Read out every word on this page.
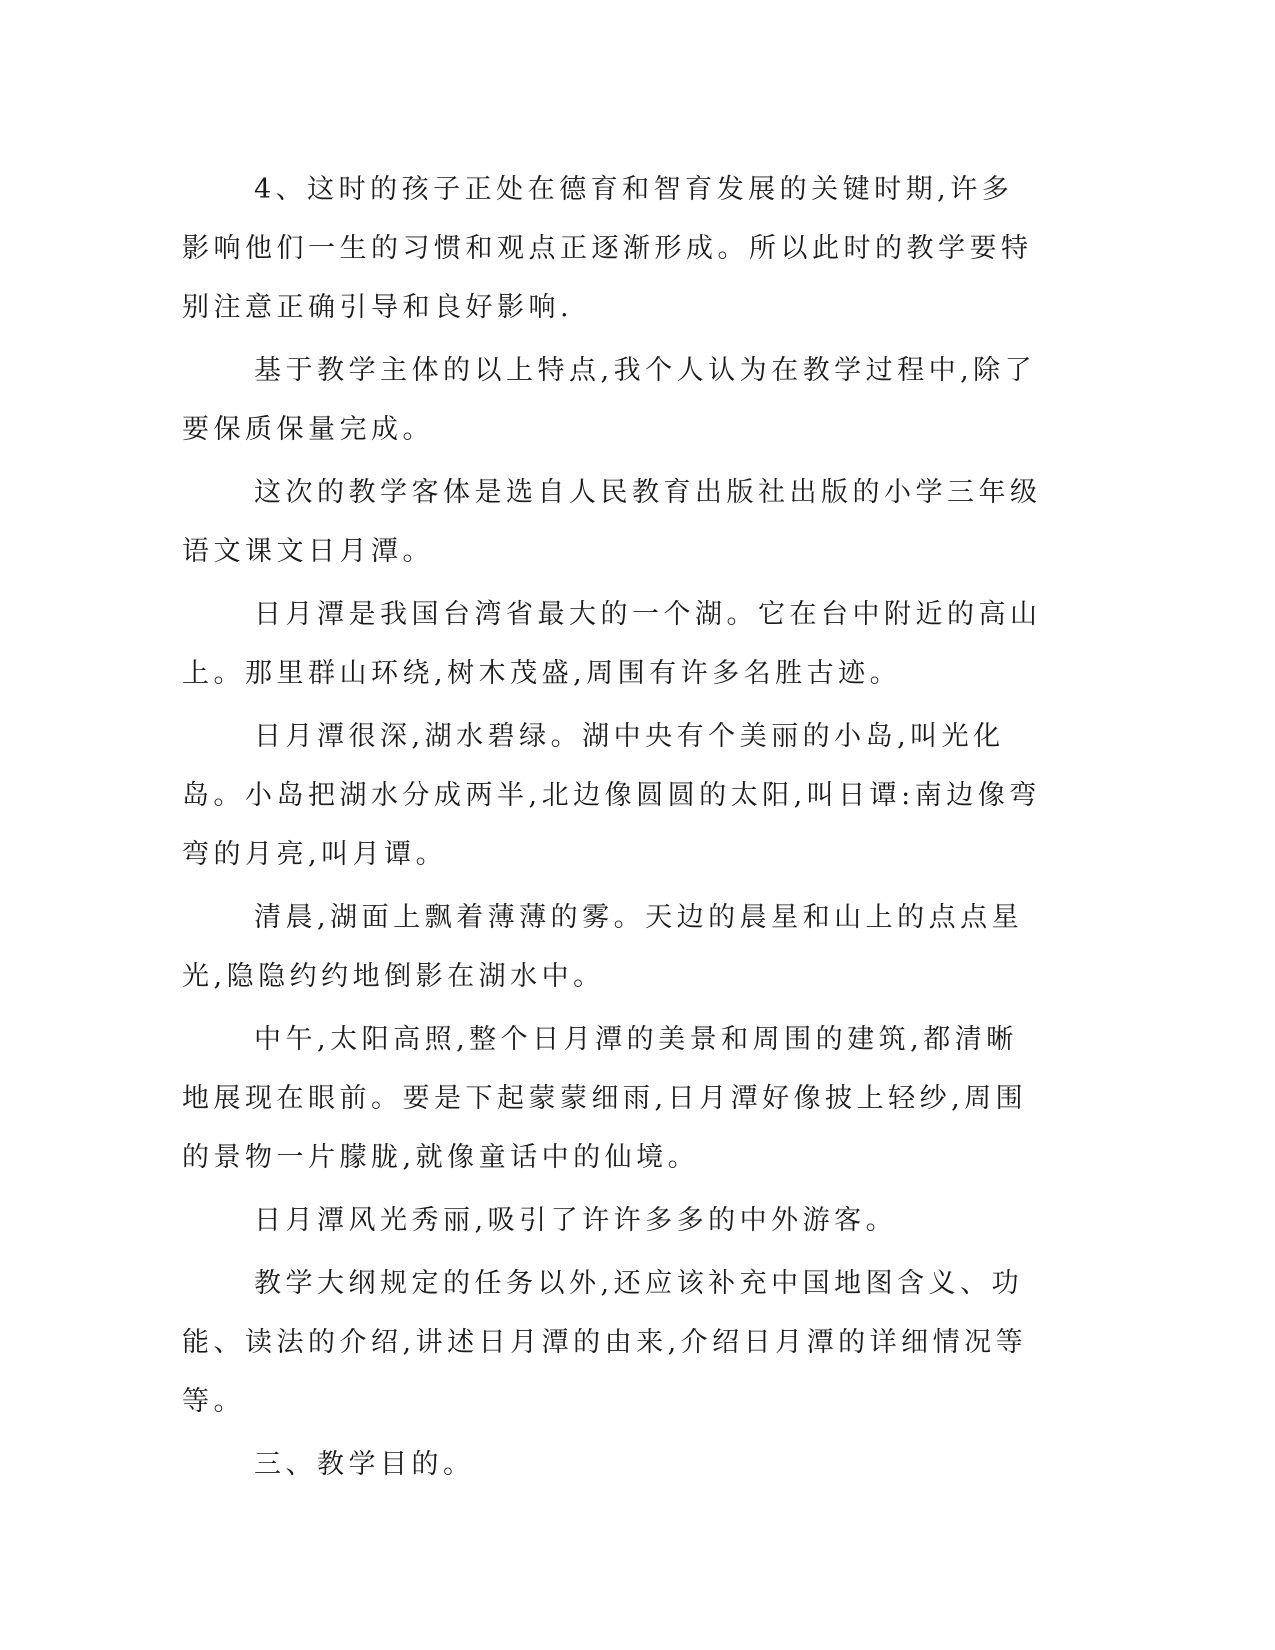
4、这时的孩子正处在德育和智育发展的关键时期,许多影响他们一生的习惯和观点正逐渐形成。所以此时的教学要特别注意正确引导和良好影响.

基于教学主体的以上特点,我个人认为在教学过程中,除了要保质保量完成。

这次的教学客体是选自人民教育出版社出版的小学三年级语文课文日月潭。

日月潭是我国台湾省最大的一个湖。它在台中附近的高山上。那里群山环绕,树木茂盛,周围有许多名胜古迹。

日月潭很深,湖水碧绿。湖中央有个美丽的小岛,叫光化岛。小岛把湖水分成两半,北边像圆圆的太阳,叫日谭:南边像弯弯的月亮,叫月谭。

清晨,湖面上飘着薄薄的雾。天边的晨星和山上的点点星光,隐隐约约地倒影在湖水中。

中午,太阳高照,整个日月潭的美景和周围的建筑,都清晰地展现在眼前。要是下起蒙蒙细雨,日月潭好像披上轻纱,周围的景物一片朦胧,就像童话中的仙境。

日月潭风光秀丽,吸引了许许多多的中外游客。

教学大纲规定的任务以外,还应该补充中国地图含义、功能、读法的介绍,讲述日月潭的由来,介绍日月潭的详细情况等等。

三、教学目的。
